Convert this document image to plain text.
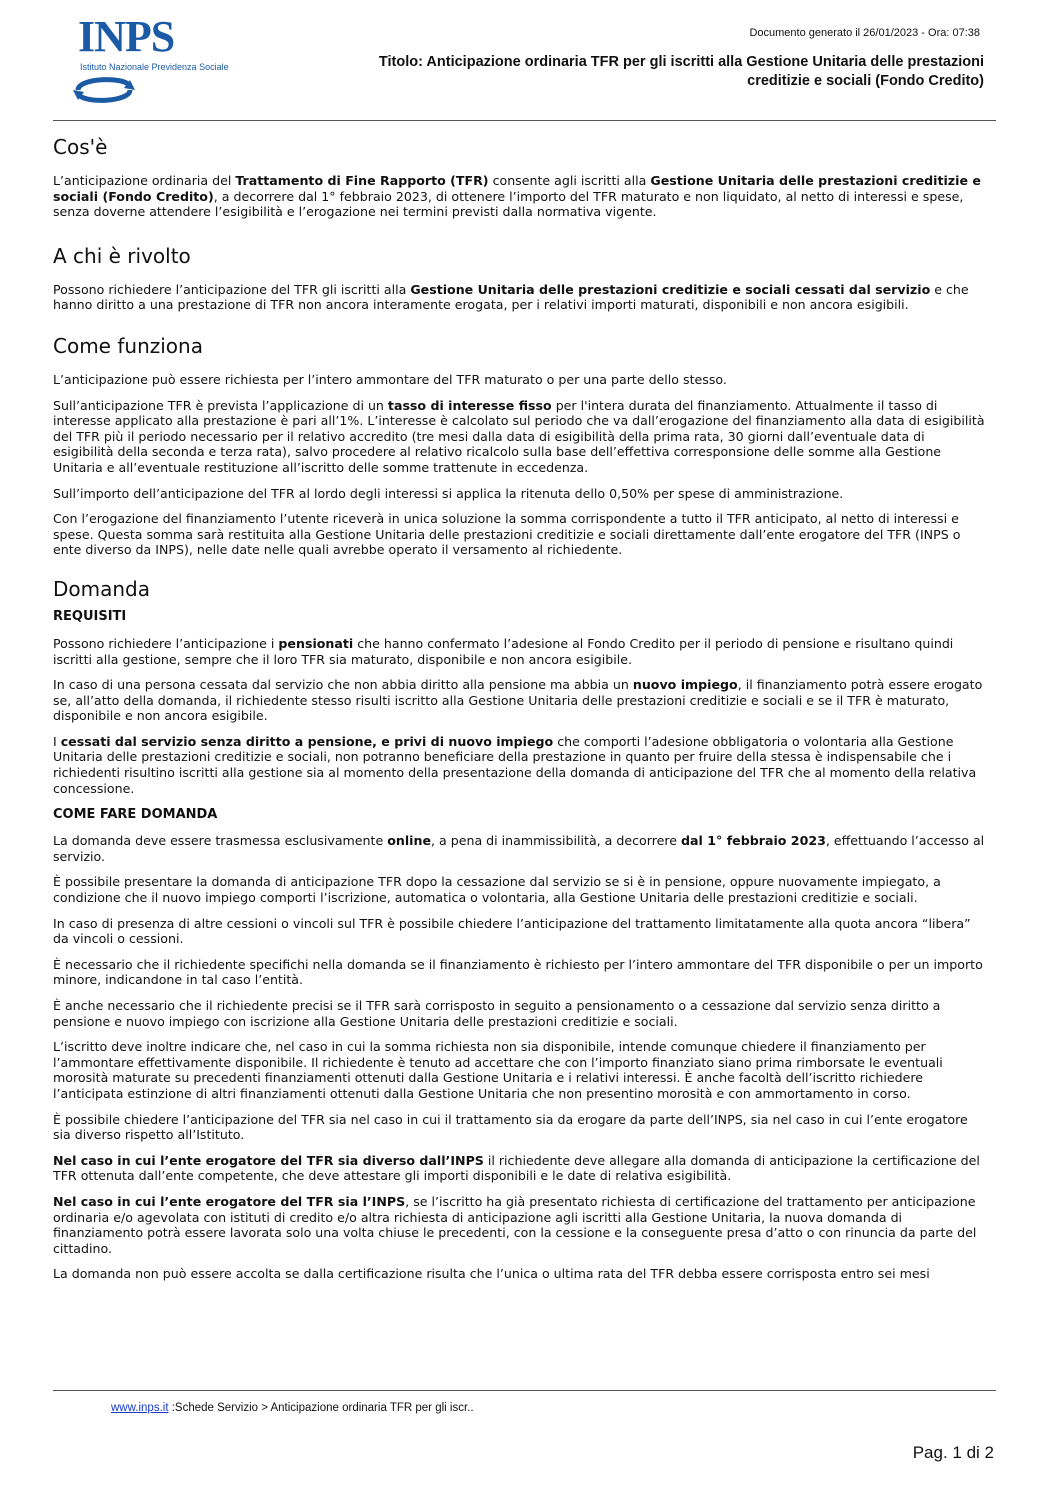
INPS
Istituto Nazionale Previdenza Sociale
Documento generato il 26/01/2023 - Ora: 07:38
Titolo: Anticipazione ordinaria TFR per gli iscritti alla Gestione Unitaria delle prestazioni
creditizie e sociali (Fondo Credito)
Cos'è

L’anticipazione ordinaria del Trattamento di Fine Rapporto (TFR) consente agli iscritti alla Gestione Unitaria delle prestazioni creditizie e sociali (Fondo Credito), a decorrere dal 1° febbraio 2023, di ottenere l’importo del TFR maturato e non liquidato, al netto di interessi e spese, senza doverne attendere l’esigibilità e l’erogazione nei termini previsti dalla normativa vigente.

A chi è rivolto

Possono richiedere l’anticipazione del TFR gli iscritti alla Gestione Unitaria delle prestazioni creditizie e sociali cessati dal servizio e che hanno diritto a una prestazione di TFR non ancora interamente erogata, per i relativi importi maturati, disponibili e non ancora esigibili.

Come funziona

L’anticipazione può essere richiesta per l’intero ammontare del TFR maturato o per una parte dello stesso.

Sull’anticipazione TFR è prevista l’applicazione di un tasso di interesse fisso per l'intera durata del finanziamento. Attualmente il tasso di interesse applicato alla prestazione è pari all’1%. L’interesse è calcolato sul periodo che va dall’erogazione del finanziamento alla data di esigibilità del TFR più il periodo necessario per il relativo accredito (tre mesi dalla data di esigibilità della prima rata, 30 giorni dall’eventuale data di esigibilità della seconda e terza rata), salvo procedere al relativo ricalcolo sulla base dell’effettiva corresponsione delle somme alla Gestione Unitaria e all’eventuale restituzione all’iscritto delle somme trattenute in eccedenza.

Sull’importo dell’anticipazione del TFR al lordo degli interessi si applica la ritenuta dello 0,50% per spese di amministrazione.

Con l’erogazione del finanziamento l’utente riceverà in unica soluzione la somma corrispondente a tutto il TFR anticipato, al netto di interessi e spese. Questa somma sarà restituita alla Gestione Unitaria delle prestazioni creditizie e sociali direttamente dall’ente erogatore del TFR (INPS o ente diverso da INPS), nelle date nelle quali avrebbe operato il versamento al richiedente.

Domanda
REQUISITI

Possono richiedere l’anticipazione i pensionati che hanno confermato l’adesione al Fondo Credito per il periodo di pensione e risultano quindi iscritti alla gestione, sempre che il loro TFR sia maturato, disponibile e non ancora esigibile.

In caso di una persona cessata dal servizio che non abbia diritto alla pensione ma abbia un nuovo impiego, il finanziamento potrà essere erogato se, all’atto della domanda, il richiedente stesso risulti iscritto alla Gestione Unitaria delle prestazioni creditizie e sociali e se il TFR è maturato, disponibile e non ancora esigibile.

I cessati dal servizio senza diritto a pensione, e privi di nuovo impiego che comporti l’adesione obbligatoria o volontaria alla Gestione Unitaria delle prestazioni creditizie e sociali, non potranno beneficiare della prestazione in quanto per fruire della stessa è indispensabile che i richiedenti risultino iscritti alla gestione sia al momento della presentazione della domanda di anticipazione del TFR che al momento della relativa concessione.

COME FARE DOMANDA

La domanda deve essere trasmessa esclusivamente online, a pena di inammissibilità, a decorrere dal 1° febbraio 2023, effettuando l’accesso al servizio.

È possibile presentare la domanda di anticipazione TFR dopo la cessazione dal servizio se si è in pensione, oppure nuovamente impiegato, a condizione che il nuovo impiego comporti l’iscrizione, automatica o volontaria, alla Gestione Unitaria delle prestazioni creditizie e sociali.

In caso di presenza di altre cessioni o vincoli sul TFR è possibile chiedere l’anticipazione del trattamento limitatamente alla quota ancora “libera” da vincoli o cessioni.

È necessario che il richiedente specifichi nella domanda se il finanziamento è richiesto per l’intero ammontare del TFR disponibile o per un importo minore, indicandone in tal caso l’entità.

È anche necessario che il richiedente precisi se il TFR sarà corrisposto in seguito a pensionamento o a cessazione dal servizio senza diritto a pensione e nuovo impiego con iscrizione alla Gestione Unitaria delle prestazioni creditizie e sociali.

L’iscritto deve inoltre indicare che, nel caso in cui la somma richiesta non sia disponibile, intende comunque chiedere il finanziamento per l’ammontare effettivamente disponibile. Il richiedente è tenuto ad accettare che con l’importo finanziato siano prima rimborsate le eventuali morosità maturate su precedenti finanziamenti ottenuti dalla Gestione Unitaria e i relativi interessi. È anche facoltà dell’iscritto richiedere l’anticipata estinzione di altri finanziamenti ottenuti dalla Gestione Unitaria che non presentino morosità e con ammortamento in corso.

È possibile chiedere l’anticipazione del TFR sia nel caso in cui il trattamento sia da erogare da parte dell’INPS, sia nel caso in cui l’ente erogatore sia diverso rispetto all’Istituto.

Nel caso in cui l’ente erogatore del TFR sia diverso dall’INPS il richiedente deve allegare alla domanda di anticipazione la certificazione del TFR ottenuta dall’ente competente, che deve attestare gli importi disponibili e le date di relativa esigibilità.

Nel caso in cui l’ente erogatore del TFR sia l’INPS, se l’iscritto ha già presentato richiesta di certificazione del trattamento per anticipazione ordinaria e/o agevolata con istituti di credito e/o altra richiesta di anticipazione agli iscritti alla Gestione Unitaria, la nuova domanda di finanziamento potrà essere lavorata solo una volta chiuse le precedenti, con la cessione e la conseguente presa d’atto o con rinuncia da parte del cittadino.

La domanda non può essere accolta se dalla certificazione risulta che l’unica o ultima rata del TFR debba essere corrisposta entro sei mesi

www.inps.it :Schede Servizio > Anticipazione ordinaria TFR per gli iscr..
Pag. 1 di 2
